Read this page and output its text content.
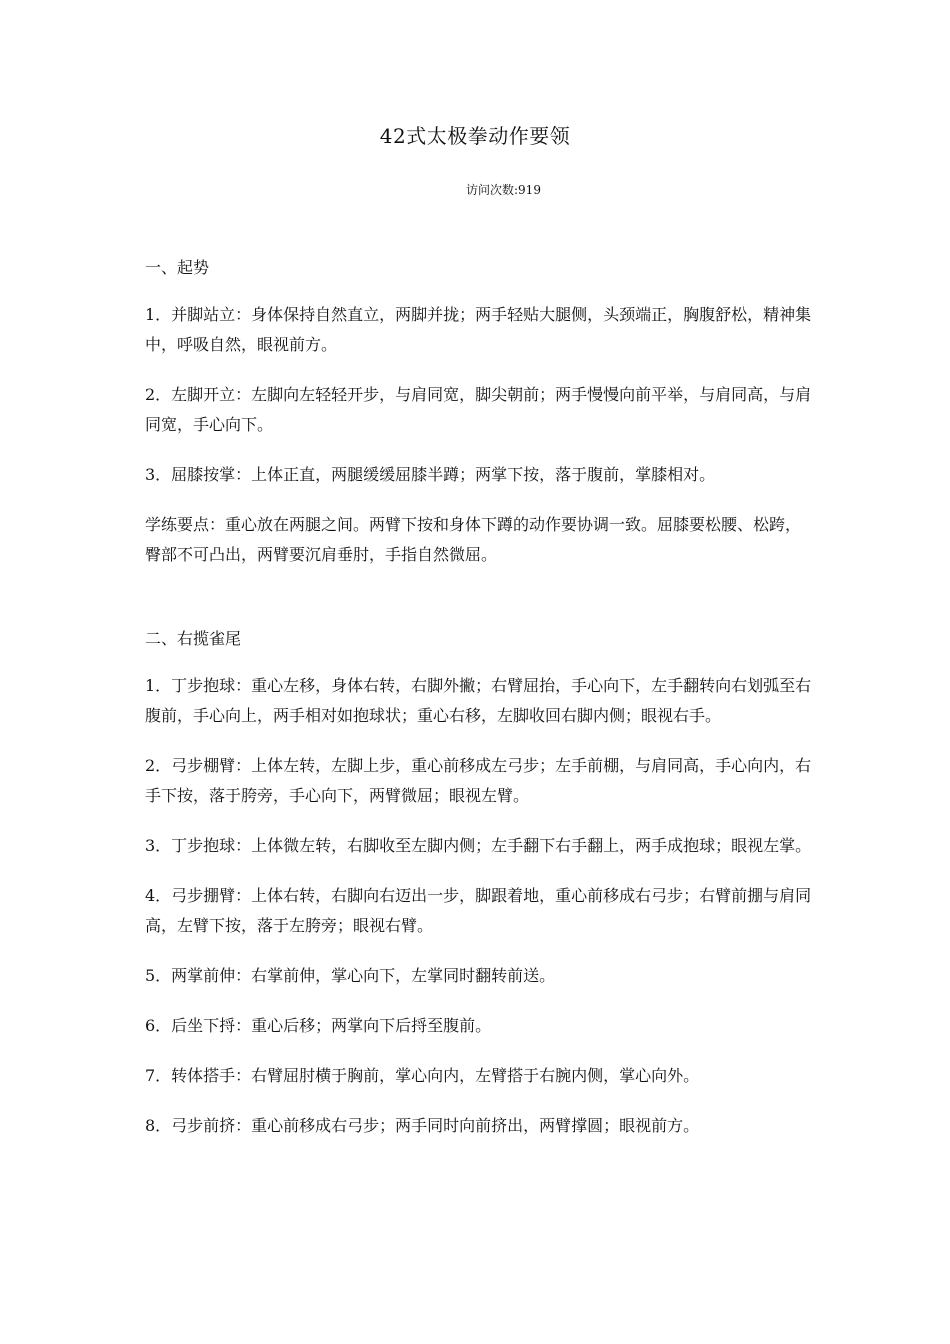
42式太极拳动作要领
访问次数:919
一、起势

1．并脚站立：身体保持自然直立，两脚并拢；两手轻贴大腿侧，头颈端正，胸腹舒松，精神集中，呼吸自然，眼视前方。

2．左脚开立：左脚向左轻轻开步，与肩同宽，脚尖朝前；两手慢慢向前平举，与肩同高，与肩同宽，手心向下。

3．屈膝按掌：上体正直，两腿缓缓屈膝半蹲；两掌下按，落于腹前，掌膝相对。

学练要点：重心放在两腿之间。两臂下按和身体下蹲的动作要协调一致。屈膝要松腰、松跨，臀部不可凸出，两臂要沉肩垂肘，手指自然微屈。

二、右揽雀尾

1．丁步抱球：重心左移，身体右转，右脚外撇；右臂屈抬，手心向下，左手翻转向右划弧至右腹前，手心向上，两手相对如抱球状；重心右移，左脚收回右脚内侧；眼视右手。

2．弓步棚臂：上体左转，左脚上步，重心前移成左弓步；左手前棚，与肩同高，手心向内，右手下按，落于胯旁，手心向下，两臂微屈；眼视左臂。

3．丁步抱球：上体微左转，右脚收至左脚内侧；左手翻下右手翻上，两手成抱球；眼视左掌。

4．弓步掤臂：上体右转，右脚向右迈出一步，脚跟着地，重心前移成右弓步；右臂前掤与肩同高，左臂下按，落于左胯旁；眼视右臂。

5．两掌前伸：右掌前伸，掌心向下，左掌同时翻转前送。

6．后坐下捋：重心后移；两掌向下后捋至腹前。

7．转体搭手：右臂屈肘横于胸前，掌心向内，左臂搭于右腕内侧，掌心向外。

8．弓步前挤：重心前移成右弓步；两手同时向前挤出，两臂撑圆；眼视前方。
